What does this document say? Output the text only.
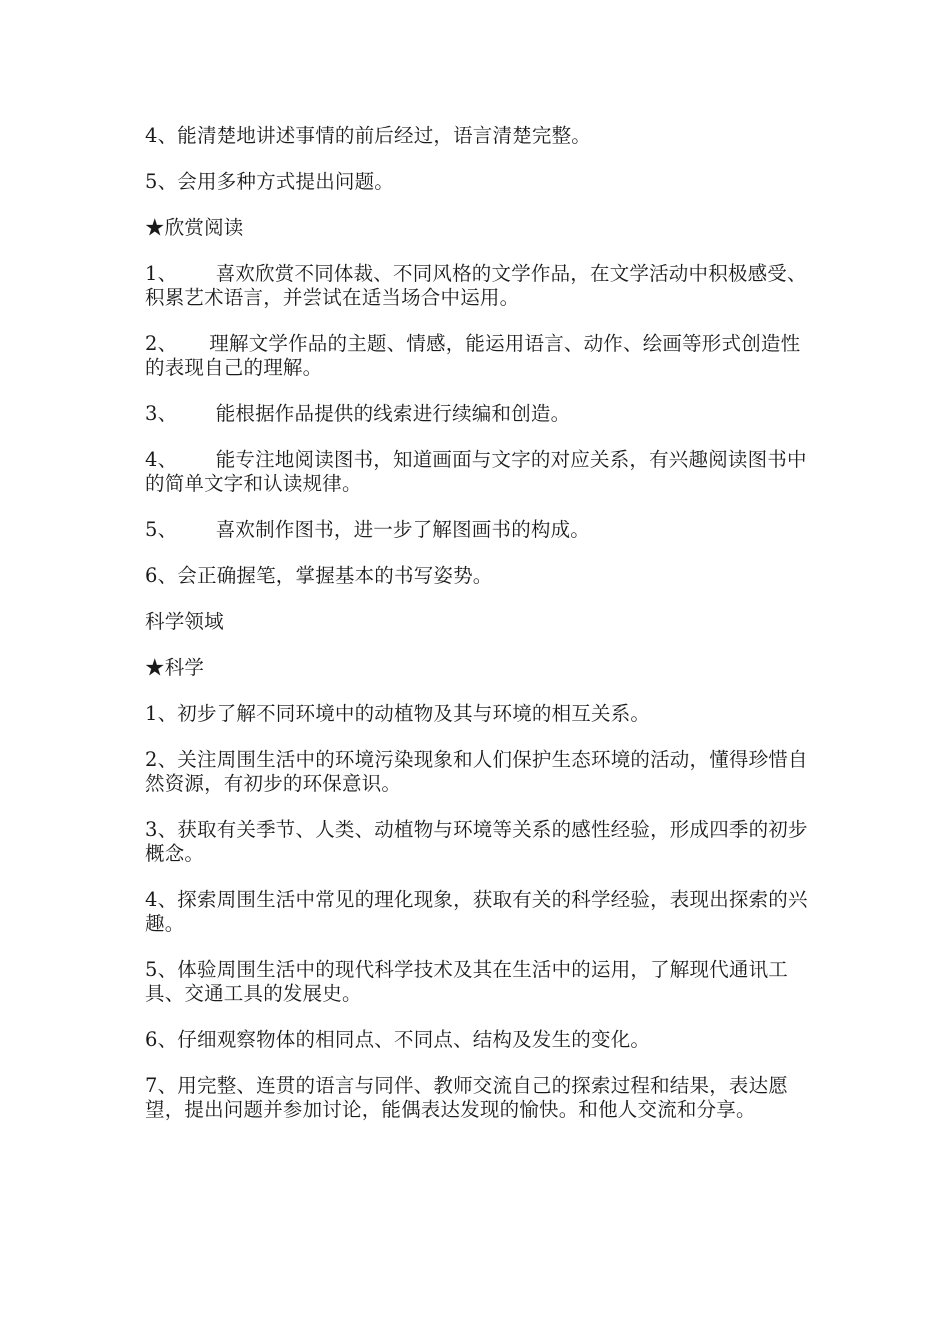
4、能清楚地讲述事情的前后经过，语言清楚完整。

5、会用多种方式提出问题。

★欣赏阅读

1、      喜欢欣赏不同体裁、不同风格的文学作品，在文学活动中积极感受、积累艺术语言，并尝试在适当场合中运用。

2、     理解文学作品的主题、情感，能运用语言、动作、绘画等形式创造性的表现自己的理解。

3、      能根据作品提供的线索进行续编和创造。

4、      能专注地阅读图书，知道画面与文字的对应关系，有兴趣阅读图书中的简单文字和认读规律。

5、      喜欢制作图书，进一步了解图画书的构成。

6、会正确握笔，掌握基本的书写姿势。

科学领域

★科学

1、初步了解不同环境中的动植物及其与环境的相互关系。

2、关注周围生活中的环境污染现象和人们保护生态环境的活动，懂得珍惜自然资源，有初步的环保意识。

3、获取有关季节、人类、动植物与环境等关系的感性经验，形成四季的初步概念。

4、探索周围生活中常见的理化现象，获取有关的科学经验，表现出探索的兴趣。

5、体验周围生活中的现代科学技术及其在生活中的运用，了解现代通讯工具、交通工具的发展史。

6、仔细观察物体的相同点、不同点、结构及发生的变化。

7、用完整、连贯的语言与同伴、教师交流自己的探索过程和结果，表达愿望，提出问题并参加讨论，能偶表达发现的愉快。和他人交流和分享。
